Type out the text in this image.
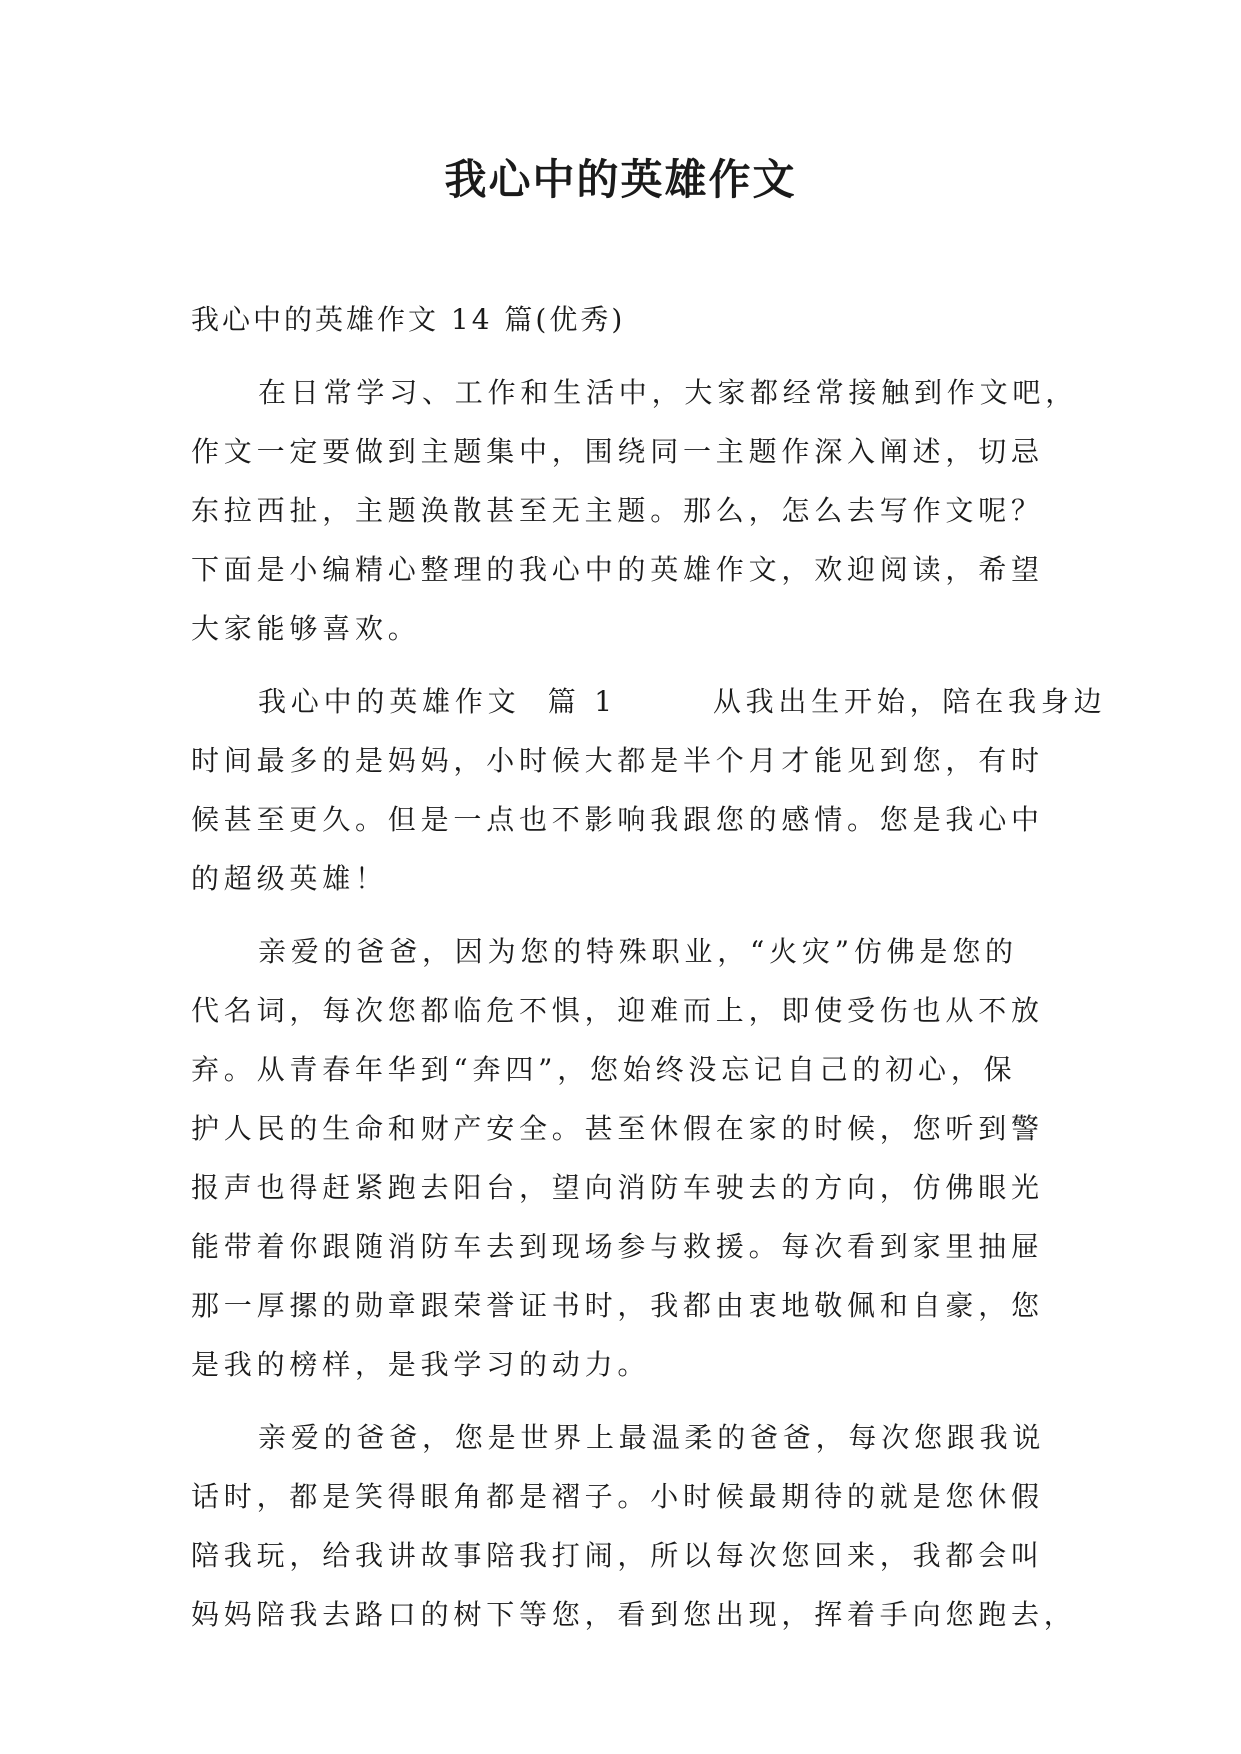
我心中的英雄作文
我心中的英雄作文 14 篇(优秀)
在日常学习、工作和生活中，大家都经常接触到作文吧，
作文一定要做到主题集中，围绕同一主题作深入阐述，切忌
东拉西扯，主题涣散甚至无主题。那么，怎么去写作文呢？
下面是小编精心整理的我心中的英雄作文，欢迎阅读，希望
大家能够喜欢。
我心中的英雄作文  篇 1       从我出生开始，陪在我身边
时间最多的是妈妈，小时候大都是半个月才能见到您，有时
候甚至更久。但是一点也不影响我跟您的感情。您是我心中
的超级英雄！
亲爱的爸爸，因为您的特殊职业，“火灾”仿佛是您的
代名词，每次您都临危不惧，迎难而上，即使受伤也从不放
弃。从青春年华到“奔四”，您始终没忘记自己的初心，保
护人民的生命和财产安全。甚至休假在家的时候，您听到警
报声也得赶紧跑去阳台，望向消防车驶去的方向，仿佛眼光
能带着你跟随消防车去到现场参与救援。每次看到家里抽屉
那一厚摞的勋章跟荣誉证书时，我都由衷地敬佩和自豪，您
是我的榜样，是我学习的动力。
亲爱的爸爸，您是世界上最温柔的爸爸，每次您跟我说
话时，都是笑得眼角都是褶子。小时候最期待的就是您休假
陪我玩，给我讲故事陪我打闹，所以每次您回来，我都会叫
妈妈陪我去路口的树下等您，看到您出现，挥着手向您跑去，
